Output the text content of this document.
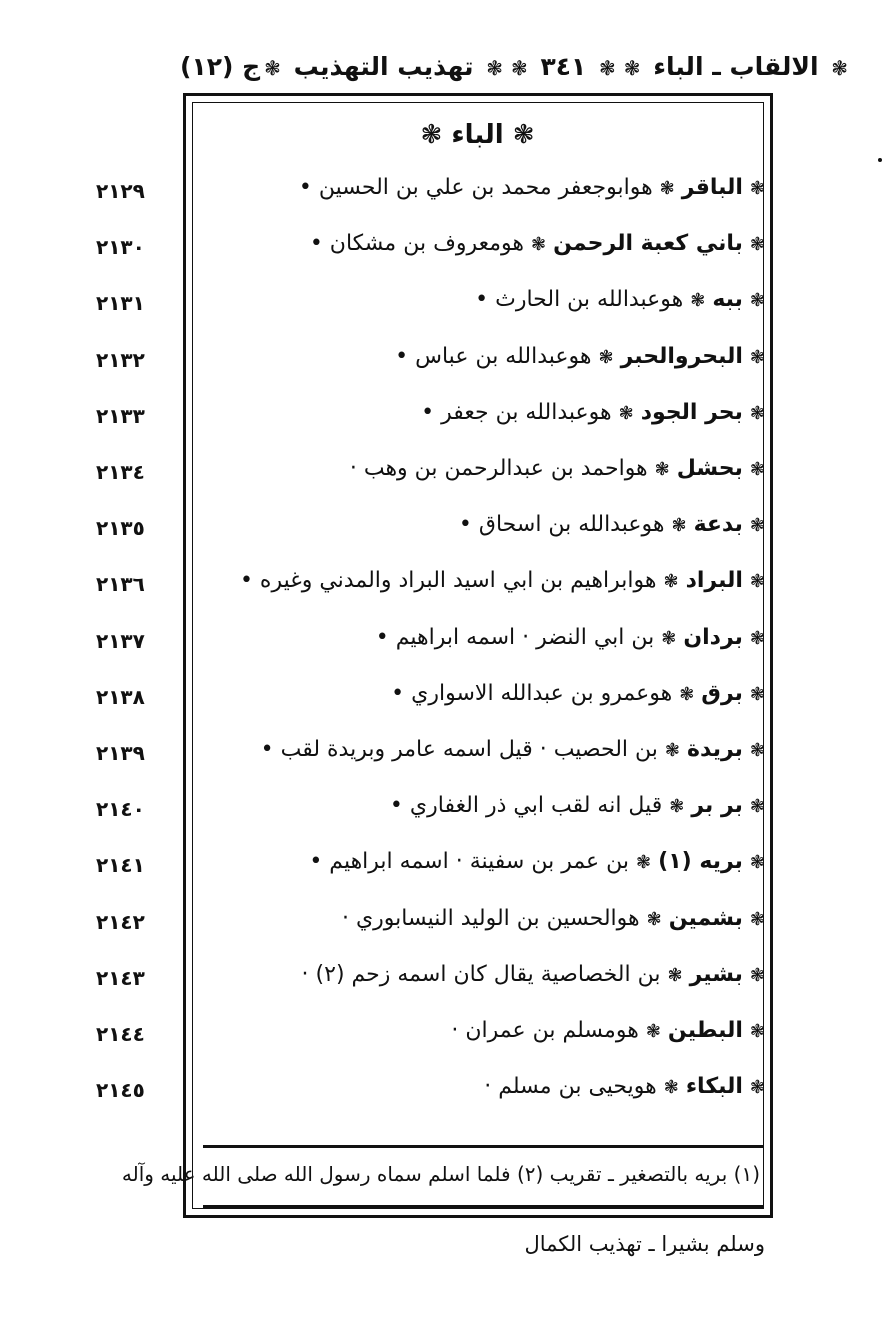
ج (١٢)	❃ تهذيب التهذيب ❃	❃ ٣٤١ ❃	❃ الالقاب ـ الباء ❃
❃ الباء ❃
❃ الباقر ❃ هوابوجعفر محمد بن علي بن الحسين •
٢١٢٩
❃ باني كعبة الرحمن ❃ هومعروف بن مشكان •
٢١٣٠
❃ ببه ❃ هوعبدالله بن الحارث •
٢١٣١
❃ البحروالحبر ❃ هوعبدالله بن عباس •
٢١٣٢
❃ بحر الجود ❃ هوعبدالله بن جعفر •
٢١٣٣
❃ بحشل ❃ هواحمد بن عبدالرحمن بن وهب ·
٢١٣٤
❃ بدعة ❃ هوعبدالله بن اسحاق •
٢١٣٥
❃ البراد ❃ هوابراهيم بن ابي اسيد البراد والمدني وغيره •
٢١٣٦
❃ بردان ❃ بن ابي النضر · اسمه ابراهيم •
٢١٣٧
❃ برق ❃ هوعمرو بن عبدالله الاسواري •
٢١٣٨
❃ بريدة ❃ بن الحصيب · قيل اسمه عامر وبريدة لقب •
٢١٣٩
❃ بر بر ❃ قيل انه لقب ابي ذر الغفاري •
٢١٤٠
❃ بريه (١) ❃ بن عمر بن سفينة · اسمه ابراهيم •
٢١٤١
❃ بشمين ❃ هوالحسين بن الوليد النيسابوري ·
٢١٤٢
❃ بشير ❃ بن الخصاصية يقال كان اسمه زحم (٢) ·
٢١٤٣
❃ البطين ❃ هومسلم بن عمران ·
٢١٤٤
❃ البكاء ❃ هويحيى بن مسلم ·
٢١٤٥
(١) بريه بالتصغير ـ تقريب (٢) فلما اسلم سماه رسول الله صلى الله عليه وآله
وسلم بشيرا ـ تهذيب الكمال
